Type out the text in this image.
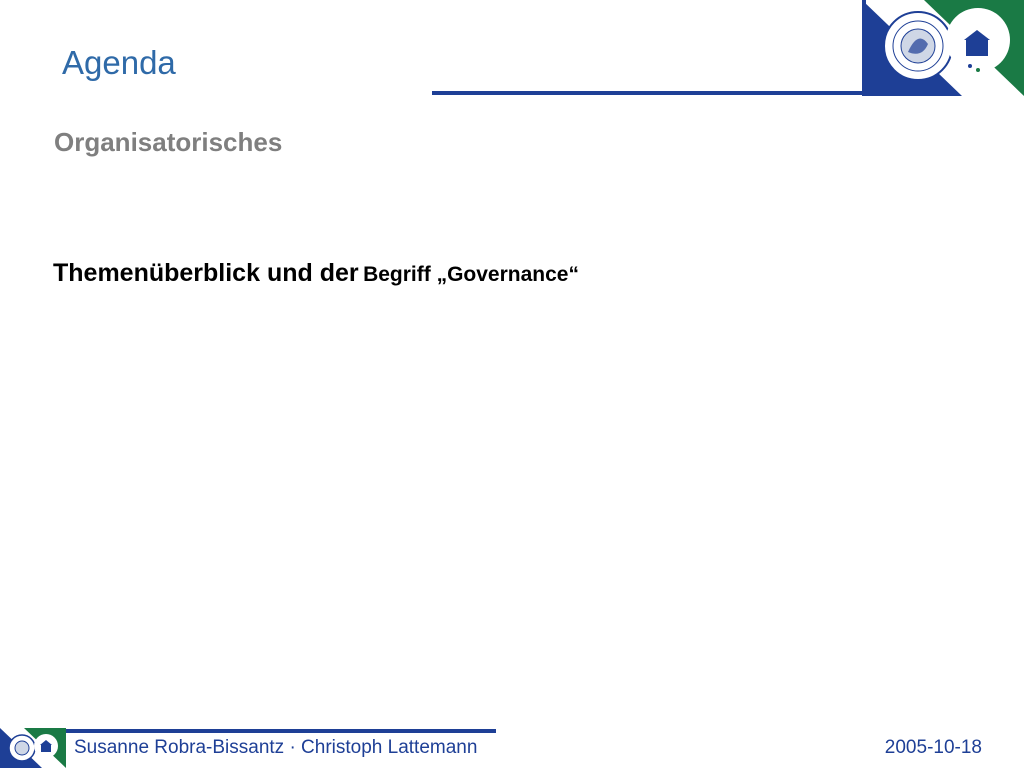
Agenda
Organisatorisches
Themenüberblick und der Begriff „Governance“
Susanne Robra-Bissantz · Christoph Lattemann	2005-10-18
